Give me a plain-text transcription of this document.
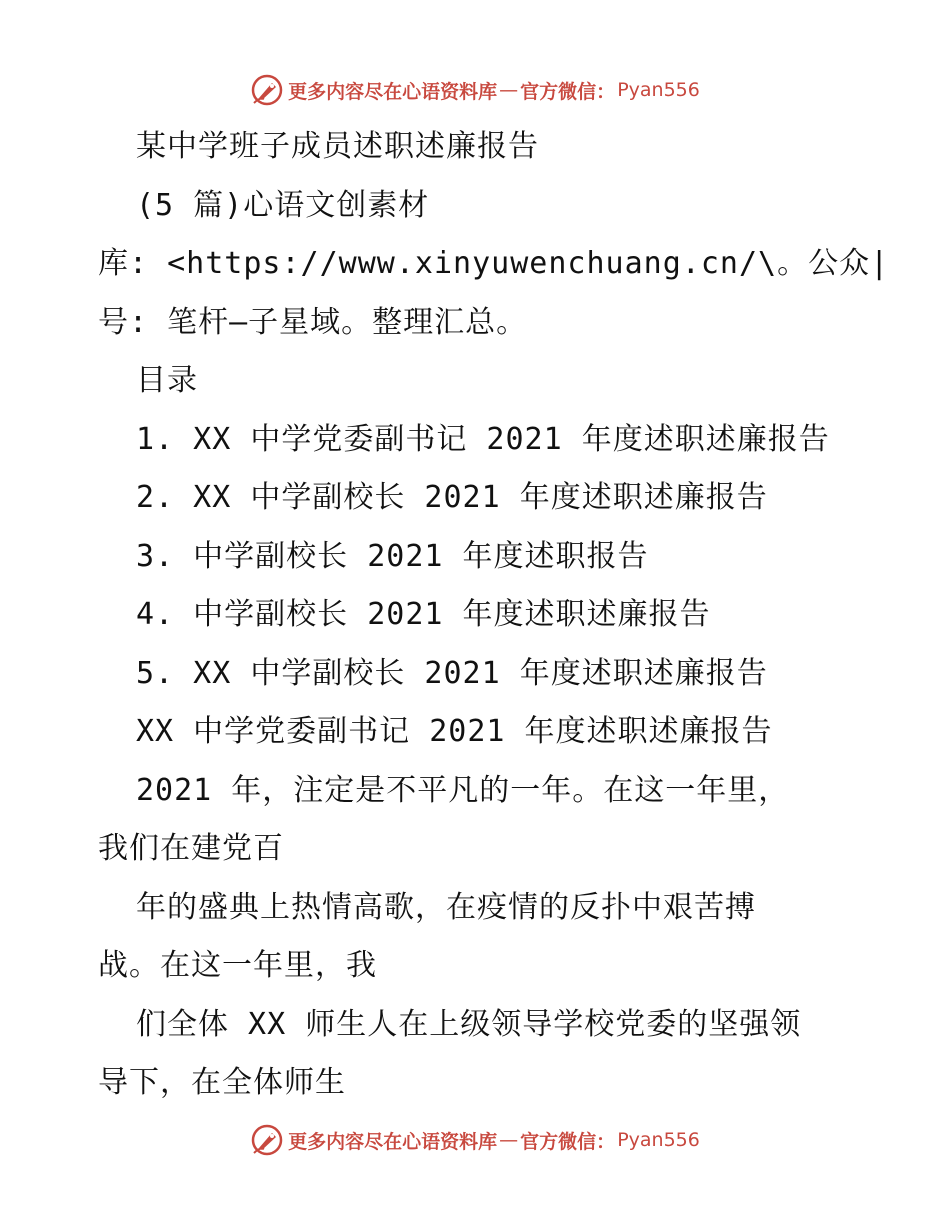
更多内容尽在心语资料库 — 官方微信： Pyan556
某中学班子成员述职述廉报告
(5 篇)心语文创素材
库: <https://www.xinyuwenchuang.cn/\。公众|
号: 笔杆—子星域。整理汇总。
目录
1. XX 中学党委副书记 2021 年度述职述廉报告
2. XX 中学副校长 2021 年度述职述廉报告
3. 中学副校长 2021 年度述职报告
4. 中学副校长 2021 年度述职述廉报告
5. XX 中学副校长 2021 年度述职述廉报告
XX 中学党委副书记 2021 年度述职述廉报告
2021 年，注定是不平凡的一年。在这一年里，
我们在建党百
年的盛典上热情高歌，在疫情的反扑中艰苦搏
战。在这一年里，我
们全体 XX 师生人在上级领导学校党委的坚强领
导下，在全体师生
更多内容尽在心语资料库 — 官方微信： Pyan556
